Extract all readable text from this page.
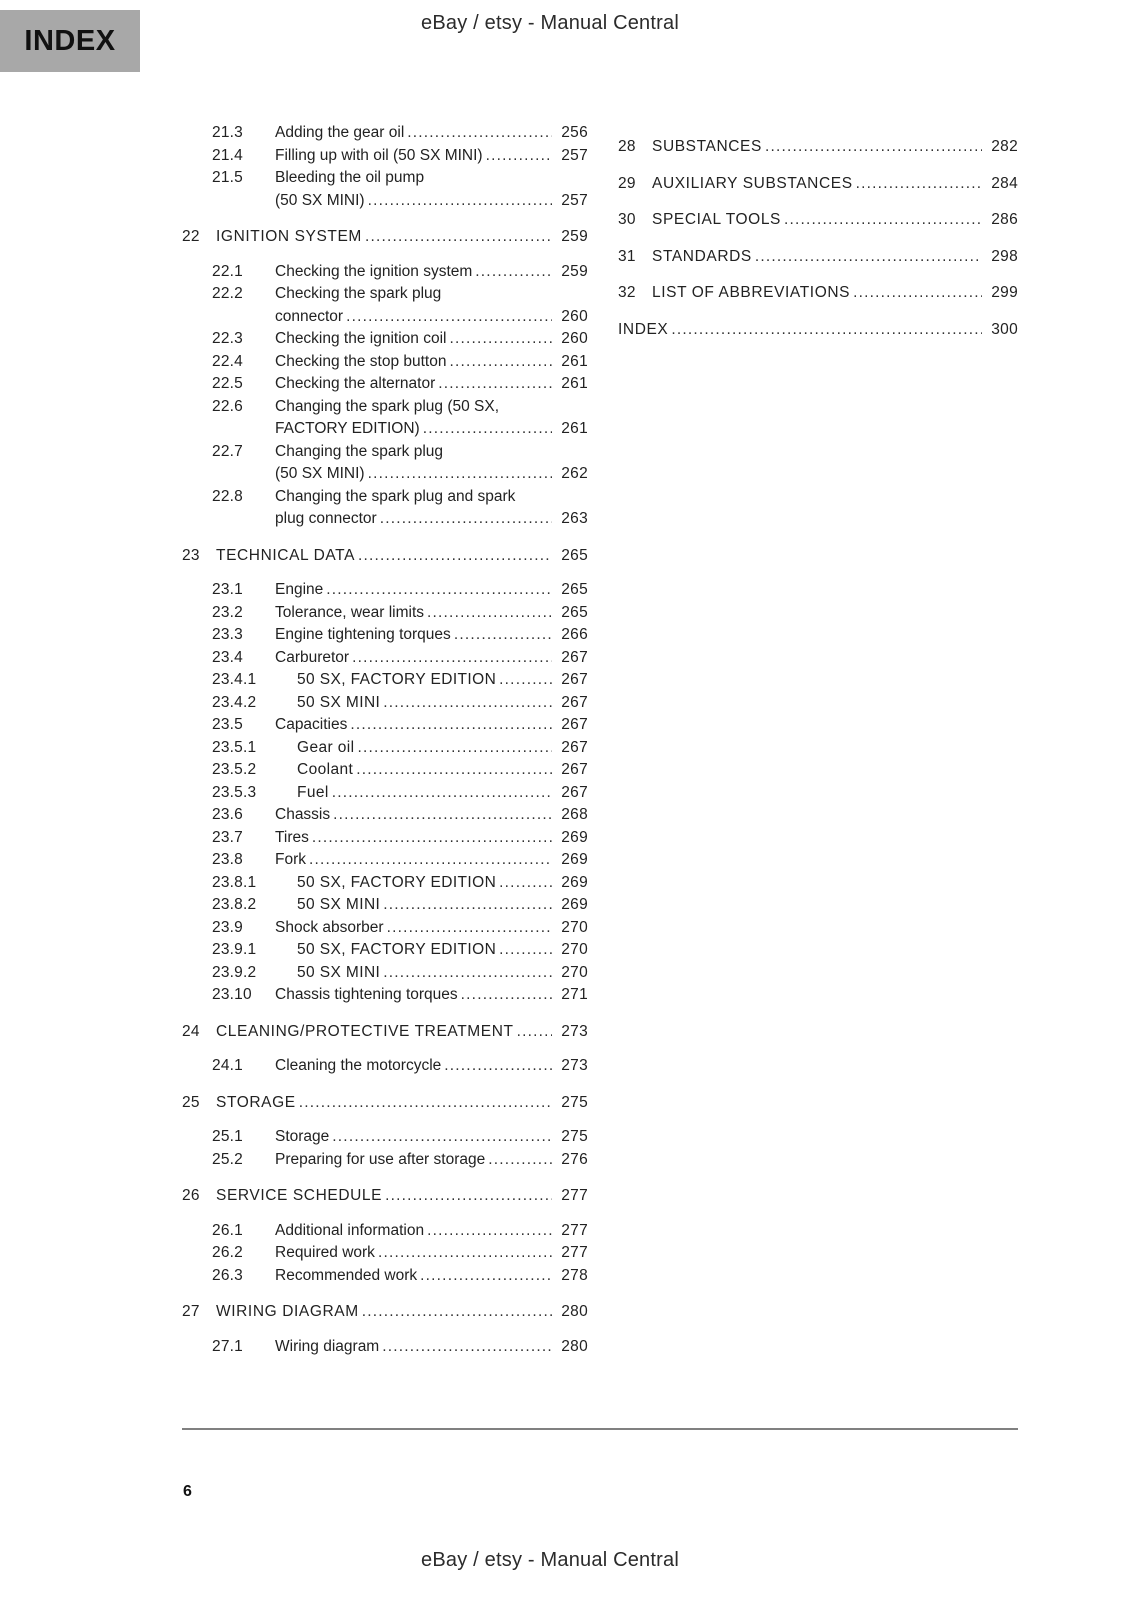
INDEX
eBay / etsy - Manual Central
21.3 Adding the gear oil .....	256
21.4 Filling up with oil (50 SX MINI) .....	257
21.5 Bleeding the oil pump
(50 SX MINI) .....	257
22	IGNITION SYSTEM .....	259
22.1 Checking the ignition system .....	259
22.2 Checking the spark plug
connector .....	260
22.3 Checking the ignition coil .....	260
22.4 Checking the stop button .....	261
22.5 Checking the alternator .....	261
22.6 Changing the spark plug (50 SX,
FACTORY EDITION) .....	261
22.7 Changing the spark plug
(50 SX MINI) .....	262
22.8 Changing the spark plug and spark
plug connector .....	263
23	TECHNICAL DATA .....	265
23.1 Engine .....	265
23.2 Tolerance, wear limits .....	265
23.3 Engine tightening torques .....	266
23.4 Carburetor .....	267
23.4.1	50 SX, FACTORY EDITION .....	267
23.4.2	50 SX MINI .....	267
23.5 Capacities .....	267
23.5.1	Gear oil .....	267
23.5.2	Coolant .....	267
23.5.3	Fuel .....	267
23.6 Chassis .....	268
23.7 Tires .....	269
23.8 Fork .....	269
23.8.1	50 SX, FACTORY EDITION .....	269
23.8.2	50 SX MINI .....	269
23.9 Shock absorber .....	270
23.9.1	50 SX, FACTORY EDITION .....	270
23.9.2	50 SX MINI .....	270
23.10	Chassis tightening torques .....	271
24	CLEANING/PROTECTIVE TREATMENT .....	273
24.1 Cleaning the motorcycle .....	273
25	STORAGE .....	275
25.1 Storage .....	275
25.2 Preparing for use after storage .....	276
26	SERVICE SCHEDULE .....	277
26.1 Additional information .....	277
26.2 Required work .....	277
26.3 Recommended work .....	278
27	WIRING DIAGRAM .....	280
27.1 Wiring diagram .....	280
28	SUBSTANCES .....	282
29	AUXILIARY SUBSTANCES .....	284
30	SPECIAL TOOLS .....	286
31	STANDARDS .....	298
32	LIST OF ABBREVIATIONS .....	299
INDEX .....	300
6
eBay / etsy - Manual Central
